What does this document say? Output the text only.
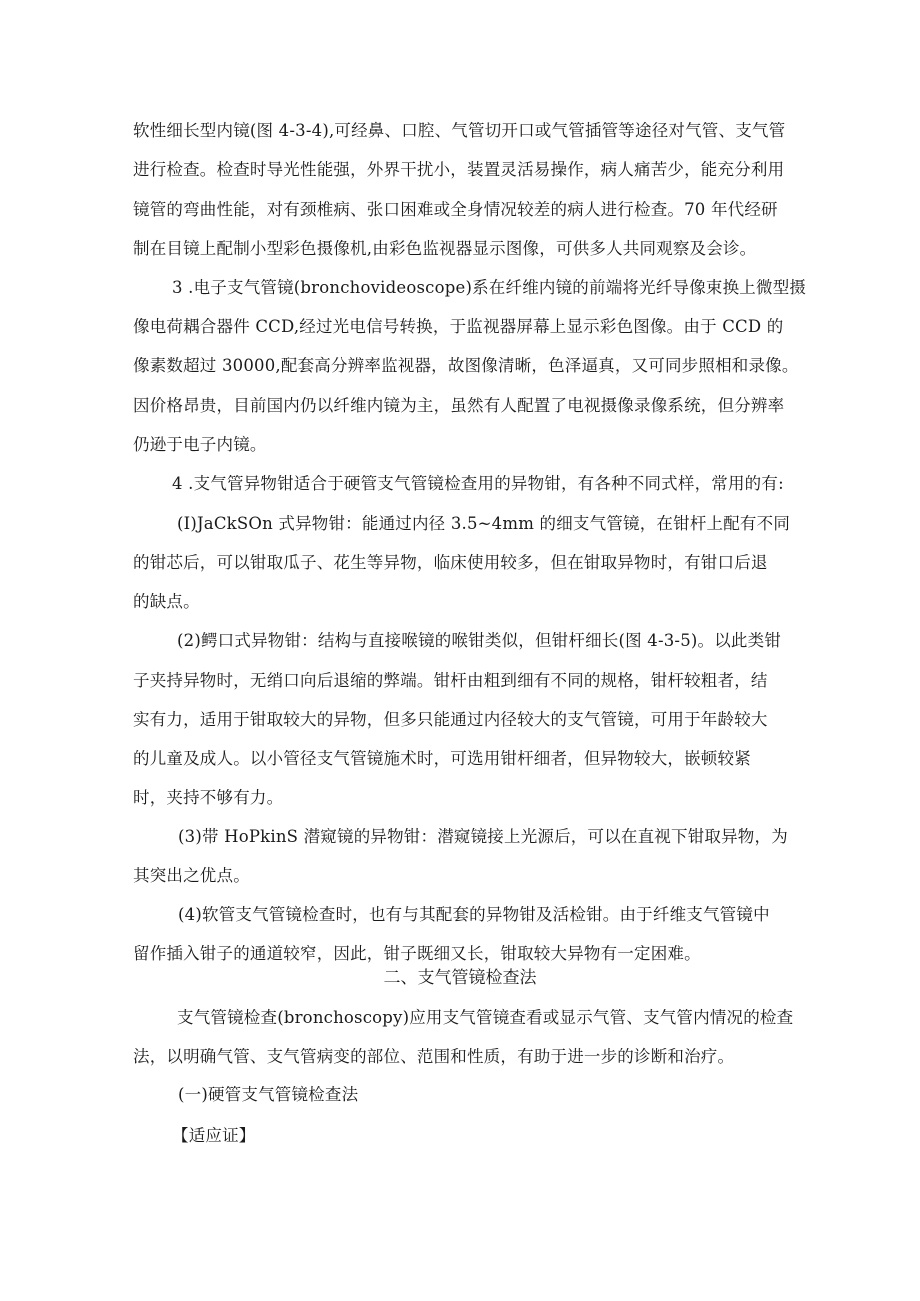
软性细长型内镜(图 4-3-4),可经鼻、口腔、气管切开口或气管插管等途径对气管、支气管
进行检查。检查时导光性能强，外界干扰小，装置灵活易操作，病人痛苦少，能充分利用
镜管的弯曲性能，对有颈椎病、张口困难或全身情况较差的病人进行检查。70 年代经研
制在目镜上配制小型彩色摄像机,由彩色监视器显示图像，可供多人共同观察及会诊。
3 .电子支气管镜(bronchovideoscope)系在纤维内镜的前端将光纤导像束换上微型摄
像电荷耦合器件 CCD,经过光电信号转换，于监视器屏幕上显示彩色图像。由于 CCD 的
像素数超过 30000,配套高分辨率监视器，故图像清晰，色泽逼真，又可同步照相和录像。
因价格昂贵，目前国内仍以纤维内镜为主，虽然有人配置了电视摄像录像系统，但分辨率
仍逊于电子内镜。
4 .支气管异物钳适合于硬管支气管镜检查用的异物钳，有各种不同式样，常用的有:
(I)JaCkSOn 式异物钳：能通过内径 3.5~4mm 的细支气管镜，在钳杆上配有不同
的钳芯后，可以钳取瓜子、花生等异物，临床使用较多，但在钳取异物时，有钳口后退
的缺点。
(2)鳄口式异物钳：结构与直接喉镜的喉钳类似，但钳杆细长(图 4-3-5)。以此类钳
子夹持异物时，无绡口向后退缩的弊端。钳杆由粗到细有不同的规格，钳杆较粗者，结
实有力，适用于钳取较大的异物，但多只能通过内径较大的支气管镜，可用于年龄较大
的儿童及成人。以小管径支气管镜施术时，可选用钳杆细者，但异物较大，嵌顿较紧
时，夹持不够有力。
(3)带 HoPkinS 潜窥镜的异物钳：潜窥镜接上光源后，可以在直视下钳取异物，为
其突出之优点。
(4)软管支气管镜检查时，也有与其配套的异物钳及活检钳。由于纤维支气管镜中
留作插入钳子的通道较窄，因此，钳子既细又长，钳取较大异物有一定困难。
二、支气管镜检查法
支气管镜检查(bronchoscopy)应用支气管镜查看或显示气管、支气管内情况的检查
法，以明确气管、支气管病变的部位、范围和性质，有助于进一步的诊断和治疗。
(一)硬管支气管镜检查法
【适应证】
